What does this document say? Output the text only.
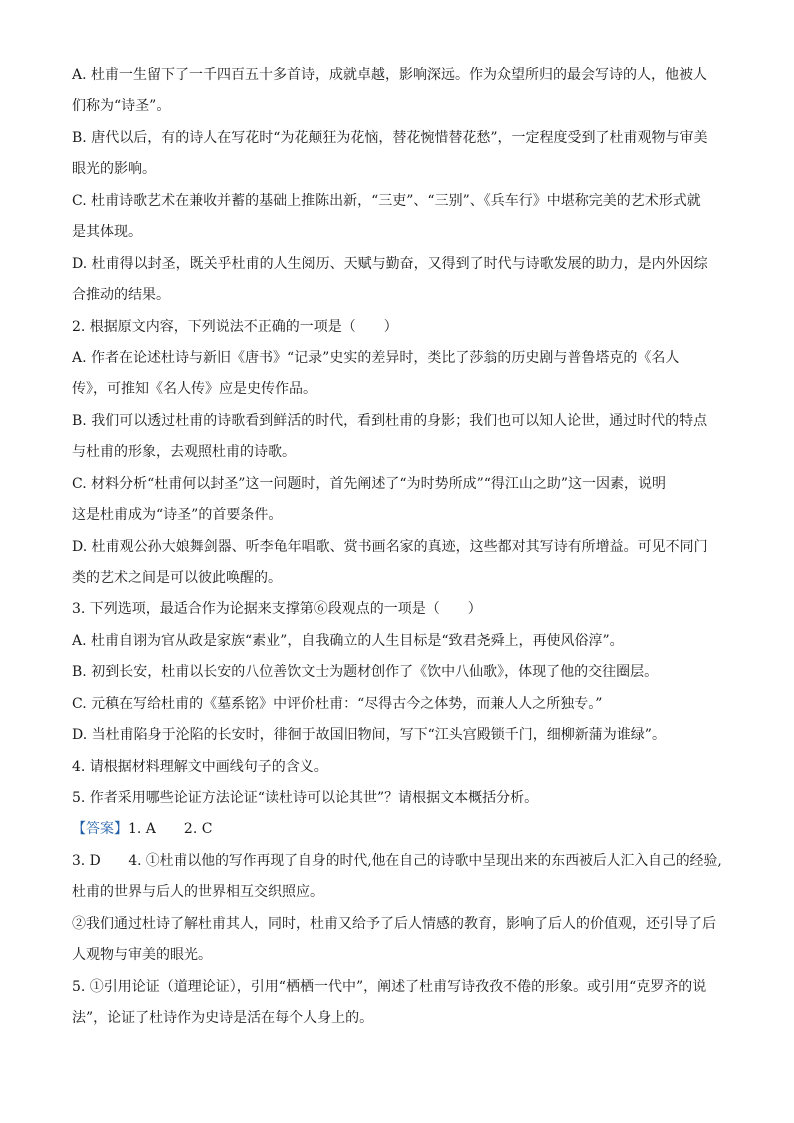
A. 杜甫一生留下了一千四百五十多首诗，成就卓越，影响深远。作为众望所归的最会写诗的人，他被人
们称为“诗圣”。
B. 唐代以后，有的诗人在写花时“为花颠狂为花恼，替花惋惜替花愁”，一定程度受到了杜甫观物与审美
眼光的影响。
C. 杜甫诗歌艺术在兼收并蓄的基础上推陈出新，“三吏”、“三别”、《兵车行》中堪称完美的艺术形式就
是其体现。
D. 杜甫得以封圣，既关乎杜甫的人生阅历、天赋与勤奋，又得到了时代与诗歌发展的助力，是内外因综
合推动的结果。
2. 根据原文内容，下列说法不正确的一项是（　　）
A. 作者在论述杜诗与新旧《唐书》“记录”史实的差异时，类比了莎翁的历史剧与普鲁塔克的《名人
传》，可推知《名人传》应是史传作品。
B. 我们可以透过杜甫的诗歌看到鲜活的时代，看到杜甫的身影；我们也可以知人论世，通过时代的特点
与杜甫的形象，去观照杜甫的诗歌。
C. 材料分析“杜甫何以封圣”这一问题时，首先阐述了“为时势所成”“得江山之助”这一因素，说明
这是杜甫成为“诗圣”的首要条件。
D. 杜甫观公孙大娘舞剑器、听李龟年唱歌、赏书画名家的真迹，这些都对其写诗有所增益。可见不同门
类的艺术之间是可以彼此唤醒的。
3. 下列选项，最适合作为论据来支撑第⑥段观点的一项是（　　）
A. 杜甫自诩为官从政是家族“素业”，自我确立的人生目标是“致君尧舜上，再使风俗淳”。
B. 初到长安，杜甫以长安的八位善饮文士为题材创作了《饮中八仙歌》，体现了他的交往圈层。
C. 元稹在写给杜甫的《墓系铭》中评价杜甫：“尽得古今之体势，而兼人人之所独专。”
D. 当杜甫陷身于沦陷的长安时，徘徊于故国旧物间，写下“江头宫殿锁千门，细柳新蒲为谁绿”。
4. 请根据材料理解文中画线句子的含义。
5. 作者采用哪些论证方法论证“读杜诗可以论其世”？请根据文本概括分析。
【答案】1. A　　2. C
3. D　　4. ①杜甫以他的写作再现了自身的时代,他在自己的诗歌中呈现出来的东西被后人汇入自己的经验,
杜甫的世界与后人的世界相互交织照应。
②我们通过杜诗了解杜甫其人，同时，杜甫又给予了后人情感的教育，影响了后人的价值观，还引导了后
人观物与审美的眼光。
5. ①引用论证（道理论证），引用“栖栖一代中”，阐述了杜甫写诗孜孜不倦的形象。或引用“克罗齐的说
法”，论证了杜诗作为史诗是活在每个人身上的。
